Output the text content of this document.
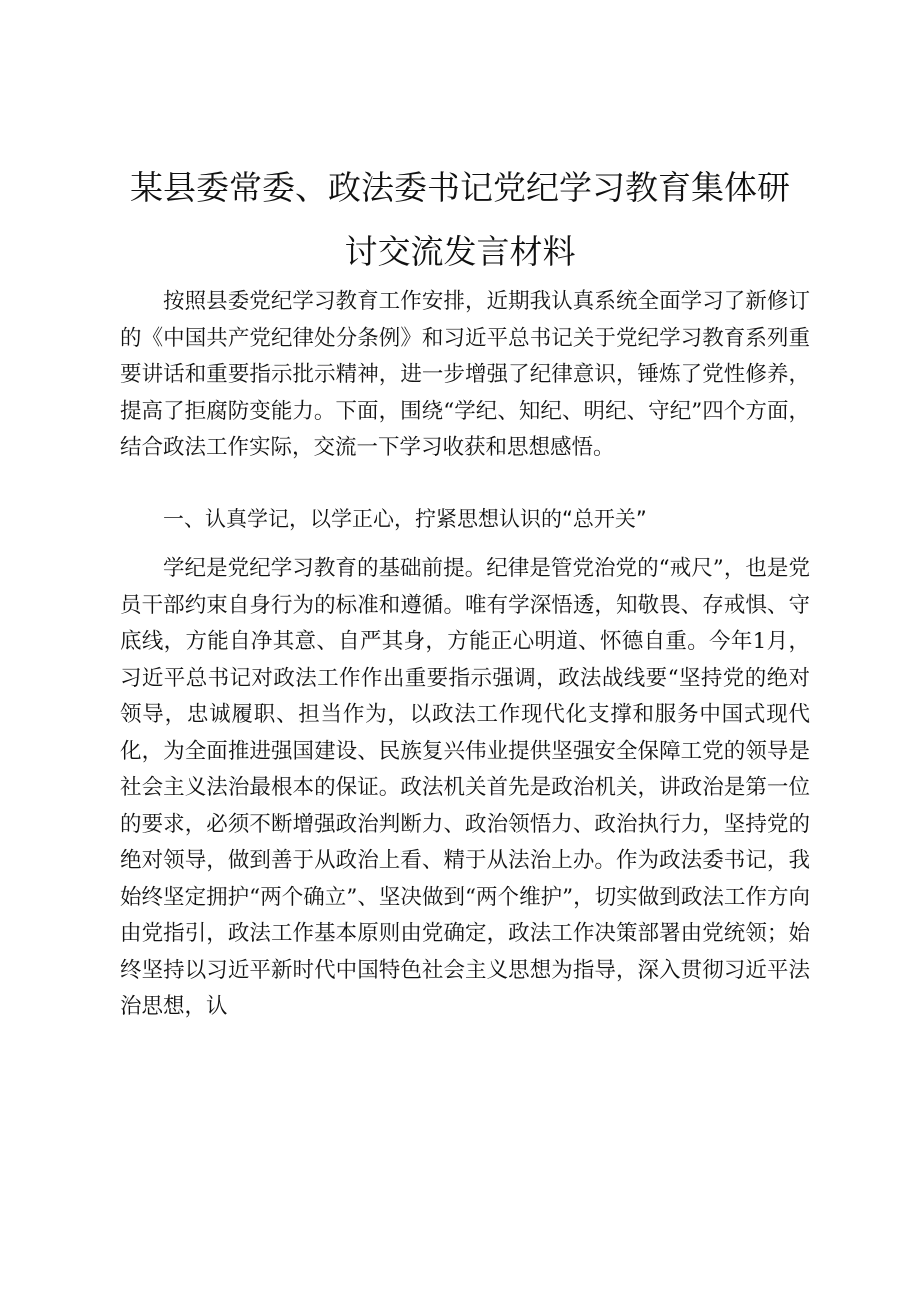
某县委常委、政法委书记党纪学习教育集体研
讨交流发言材料

按照县委党纪学习教育工作安排，近期我认真系统全面学习了新修订的《中国共产党纪律处分条例》和习近平总书记关于党纪学习教育系列重要讲话和重要指示批示精神，进一步增强了纪律意识，锤炼了党性修养，提高了拒腐防变能力。下面，围绕“学纪、知纪、明纪、守纪”四个方面，结合政法工作实际，交流一下学习收获和思想感悟。

一、认真学记，以学正心，拧紧思想认识的“总开关”

学纪是党纪学习教育的基础前提。纪律是管党治党的“戒尺”，也是党员干部约束自身行为的标准和遵循。唯有学深悟透，知敬畏、存戒惧、守底线，方能自净其意、自严其身，方能正心明道、怀德自重。今年1月，习近平总书记对政法工作作出重要指示强调，政法战线要“坚持党的绝对领导，忠诚履职、担当作为，以政法工作现代化支撑和服务中国式现代化，为全面推进强国建设、民族复兴伟业提供坚强安全保障工党的领导是社会主义法治最根本的保证。政法机关首先是政治机关，讲政治是第一位的要求，必须不断增强政治判断力、政治领悟力、政治执行力，坚持党的绝对领导，做到善于从政治上看、精于从法治上办。作为政法委书记，我始终坚定拥护“两个确立”、坚决做到“两个维护”，切实做到政法工作方向由党指引，政法工作基本原则由党确定，政法工作决策部署由党统领；始终坚持以习近平新时代中国特色社会主义思想为指导，深入贯彻习近平法治思想，认
